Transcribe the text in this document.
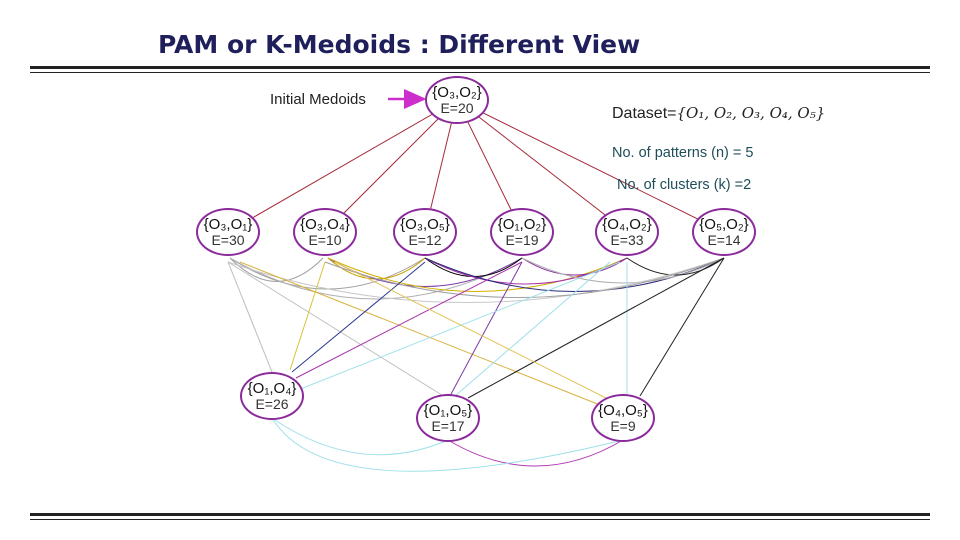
PAM or K-Medoids : Different View
Initial Medoids
Dataset={O₁, O₂, O₃, O₄, O₅}
No. of patterns (n) = 5
No. of clusters (k) =2
{O₃,O₂}
E=20
{O₃,O₁}
E=30
{O₃,O₄}
E=10
{O₃,O₅}
E=12
{O₁,O₂}
E=19
{O₄,O₂}
E=33
{O₅,O₂}
E=14
{O₁,O₄}
E=26	{O₁,O₅}
E=17
{O₄,O₅}
E=9
